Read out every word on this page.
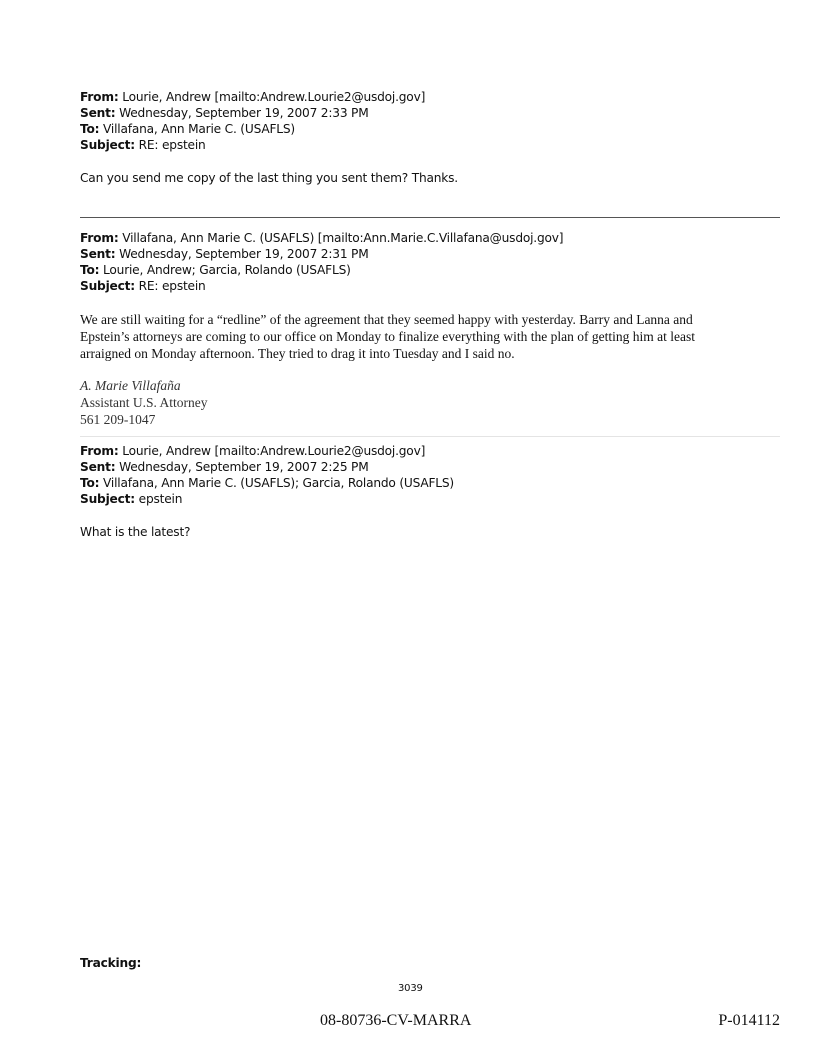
From: Lourie, Andrew [mailto:Andrew.Lourie2@usdoj.gov]
Sent: Wednesday, September 19, 2007 2:33 PM
To: Villafana, Ann Marie C. (USAFLS)
Subject: RE: epstein
Can you send me copy of the last thing you sent them? Thanks.
From: Villafana, Ann Marie C. (USAFLS) [mailto:Ann.Marie.C.Villafana@usdoj.gov]
Sent: Wednesday, September 19, 2007 2:31 PM
To: Lourie, Andrew; Garcia, Rolando (USAFLS)
Subject: RE: epstein
We are still waiting for a “redline” of the agreement that they seemed happy with yesterday. Barry and Lanna and
Epstein’s attorneys are coming to our office on Monday to finalize everything with the plan of getting him at least
arraigned on Monday afternoon. They tried to drag it into Tuesday and I said no.
A. Marie Villafaña
Assistant U.S. Attorney
561 209-1047
From: Lourie, Andrew [mailto:Andrew.Lourie2@usdoj.gov]
Sent: Wednesday, September 19, 2007 2:25 PM
To: Villafana, Ann Marie C. (USAFLS); Garcia, Rolando (USAFLS)
Subject: epstein
What is the latest?
Tracking:
3039
08-80736-CV-MARRA	P-014112
